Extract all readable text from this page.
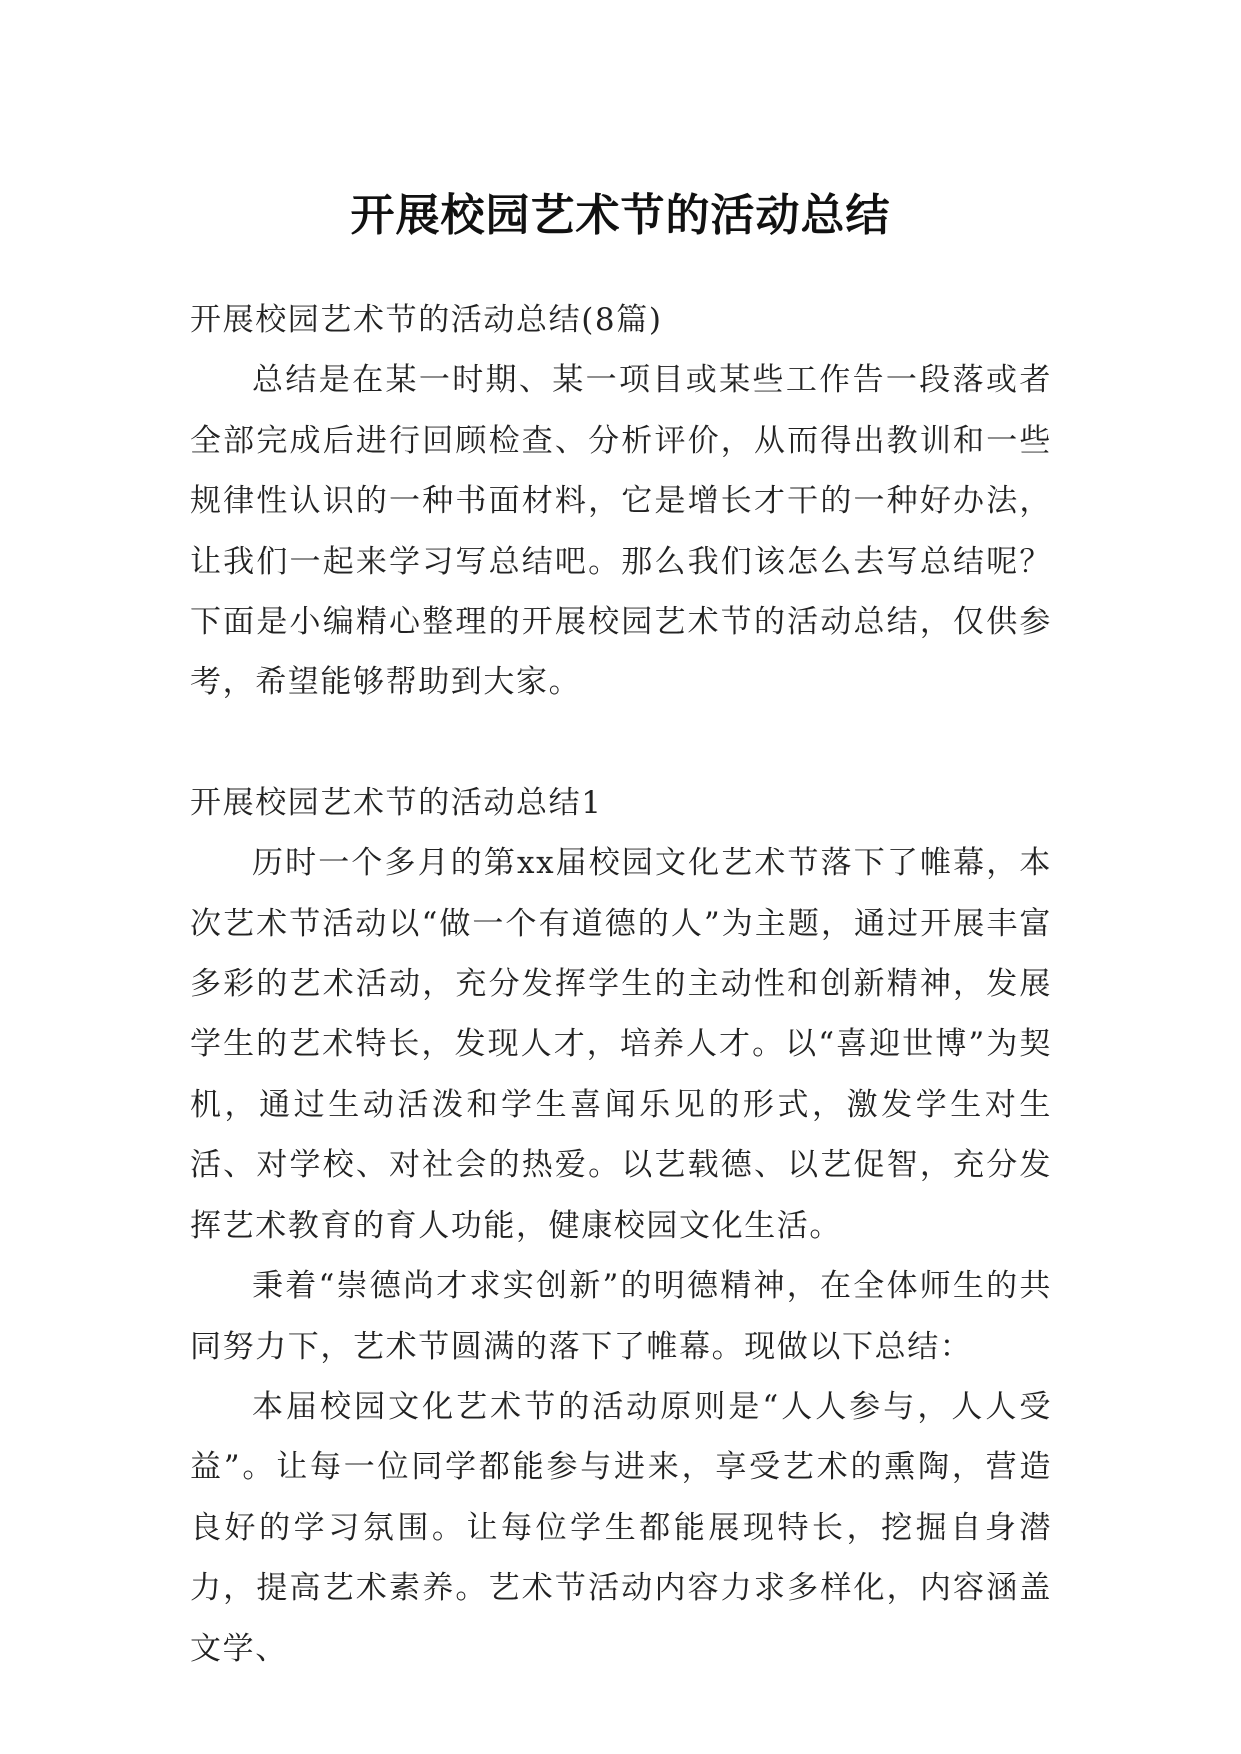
开展校园艺术节的活动总结

开展校园艺术节的活动总结(8篇)

总结是在某一时期、某一项目或某些工作告一段落或者全部完成后进行回顾检查、分析评价，从而得出教训和一些规律性认识的一种书面材料，它是增长才干的一种好办法，让我们一起来学习写总结吧。那么我们该怎么去写总结呢？下面是小编精心整理的开展校园艺术节的活动总结，仅供参考，希望能够帮助到大家。

开展校园艺术节的活动总结1

历时一个多月的第xx届校园文化艺术节落下了帷幕，本次艺术节活动以“做一个有道德的人”为主题，通过开展丰富多彩的艺术活动，充分发挥学生的主动性和创新精神，发展学生的艺术特长，发现人才，培养人才。以“喜迎世博”为契机，通过生动活泼和学生喜闻乐见的形式，激发学生对生活、对学校、对社会的热爱。以艺载德、以艺促智，充分发挥艺术教育的育人功能，健康校园文化生活。

秉着“崇德尚才求实创新”的明德精神，在全体师生的共同努力下，艺术节圆满的落下了帷幕。现做以下总结：

本届校园文化艺术节的活动原则是“人人参与，人人受益”。让每一位同学都能参与进来，享受艺术的熏陶，营造良好的学习氛围。让每位学生都能展现特长，挖掘自身潜力，提高艺术素养。艺术节活动内容力求多样化，内容涵盖文学、
